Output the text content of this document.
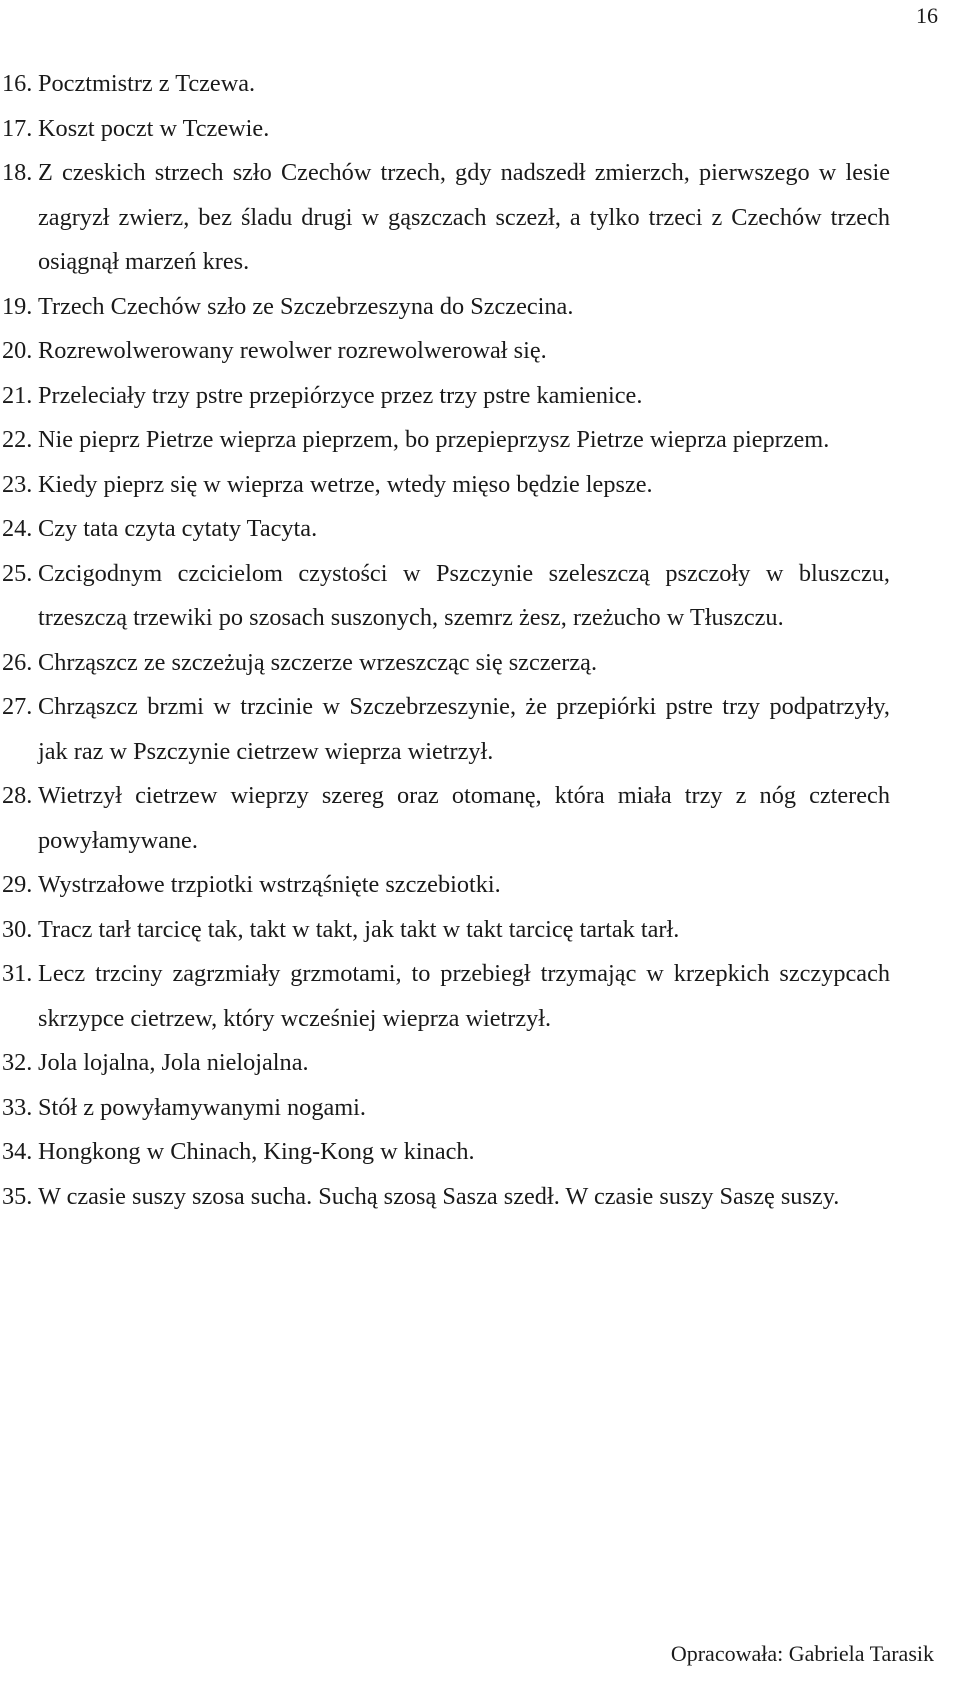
16
16. Pocztmistrz z Tczewa.
17. Koszt poczt w Tczewie.
18. Z czeskich strzech szło Czechów trzech, gdy nadszedł zmierzch, pierwszego w lesie zagryzł zwierz, bez śladu drugi w gąszczach sczezł, a tylko trzeci z Czechów trzech osiągnął marzeń kres.
19. Trzech Czechów szło ze Szczebrzeszyna do Szczecina.
20. Rozrewolwerowany rewolwer rozrewolwerował się.
21. Przeleciały trzy pstre przepiórzyce przez trzy pstre kamienice.
22. Nie pieprz Pietrze wieprza pieprzem, bo przepieprzysz Pietrze wieprza pieprzem.
23. Kiedy pieprz się w wieprza wetrze, wtedy mięso będzie lepsze.
24. Czy tata czyta cytaty Tacyta.
25. Czcigodnym czcicielom czystości w Pszczynie szeleszczą pszczoły w bluszczu, trzeszczą trzewiki po szosach suszonych, szemrz żesz, rzeżucho w Tłuszczu.
26. Chrząszcz ze szczeżują szczerze wrzeszcząc się szczerzą.
27. Chrząszcz brzmi w trzcinie w Szczebrzeszynie, że przepiórki pstre trzy podpatrzyły, jak raz w Pszczynie cietrzew wieprza wietrzył.
28. Wietrzył cietrzew wieprzy szereg oraz otomanę, która miała trzy z nóg czterech powyłamywane.
29. Wystrzałowe trzpiotki wstrząśnięte szczebiotki.
30. Tracz tarł tarcicę tak, takt w takt, jak takt w takt tarcicę tartak tarł.
31. Lecz trzciny zagrzmiały grzmotami, to przebiegł trzymając w krzepkich szczypcach skrzypce cietrzew, który wcześniej wieprza wietrzył.
32. Jola lojalna, Jola nielojalna.
33. Stół z powyłamywanymi nogami.
34. Hongkong w Chinach, King-Kong w kinach.
35. W czasie suszy szosa sucha. Suchą szosą Sasza szedł. W czasie suszy Saszę suszy.
Opracowała: Gabriela Tarasik
